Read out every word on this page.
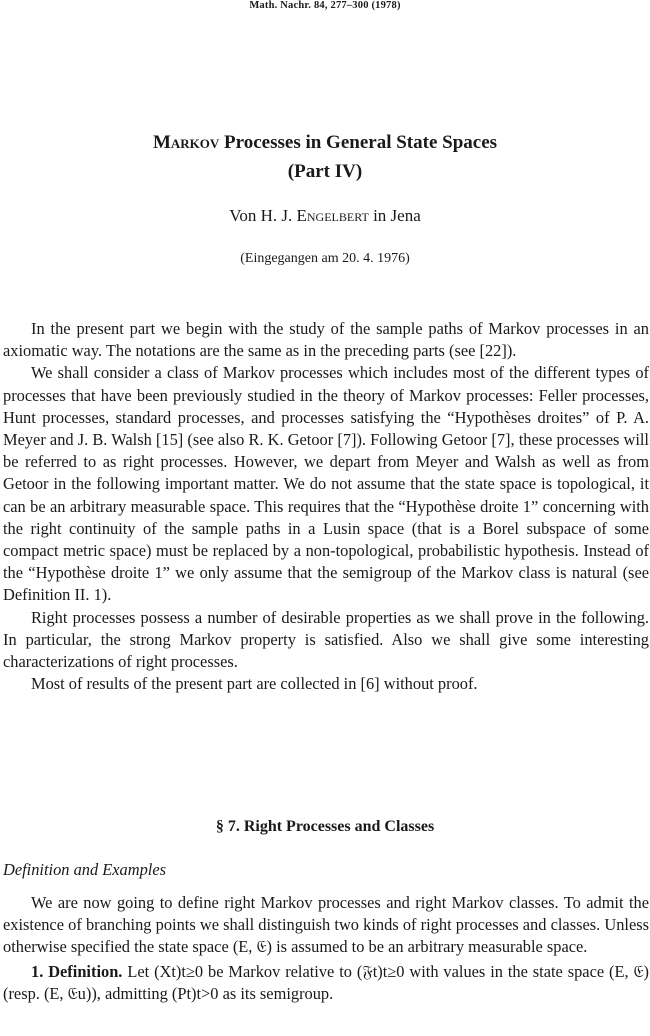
Math. Nachr. 84, 277–300 (1978)
Markov Processes in General State Spaces
(Part IV)
Von H. J. Engelbert in Jena
(Eingegangen am 20. 4. 1976)

In the present part we begin with the study of the sample paths of Markov processes in an axiomatic way. The notations are the same as in the preceding parts (see [22]).

We shall consider a class of Markov processes which includes most of the different types of processes that have been previously studied in the theory of Markov processes: Feller processes, Hunt processes, standard processes, and processes satisfying the “Hypothèses droites” of P. A. Meyer and J. B. Walsh [15] (see also R. K. Getoor [7]). Following Getoor [7], these processes will be referred to as right processes. However, we depart from Meyer and Walsh as well as from Getoor in the following important matter. We do not assume that the state space is topological, it can be an arbitrary measurable space. This requires that the “Hypothèse droite 1” concerning with the right continuity of the sample paths in a Lusin space (that is a Borel subspace of some compact metric space) must be replaced by a non-topological, probabilistic hypothesis. Instead of the “Hypothèse droite 1” we only assume that the semigroup of the Markov class is natural (see Definition II. 1).

Right processes possess a number of desirable properties as we shall prove in the following. In particular, the strong Markov property is satisfied. Also we shall give some interesting characterizations of right processes.

Most of results of the present part are collected in [6] without proof.

§ 7. Right Processes and Classes
Definition and Examples

We are now going to define right Markov processes and right Markov classes. To admit the existence of branching points we shall distinguish two kinds of right processes and classes. Unless otherwise specified the state space (E, 𝔈) is assumed to be an arbitrary measurable space.

1. Definition. Let (Xt)t≥0 be Markov relative to (𝔉t)t≥0 with values in the state space (E, 𝔈) (resp. (E, 𝔈u)), admitting (Pt)t>0 as its semigroup.
